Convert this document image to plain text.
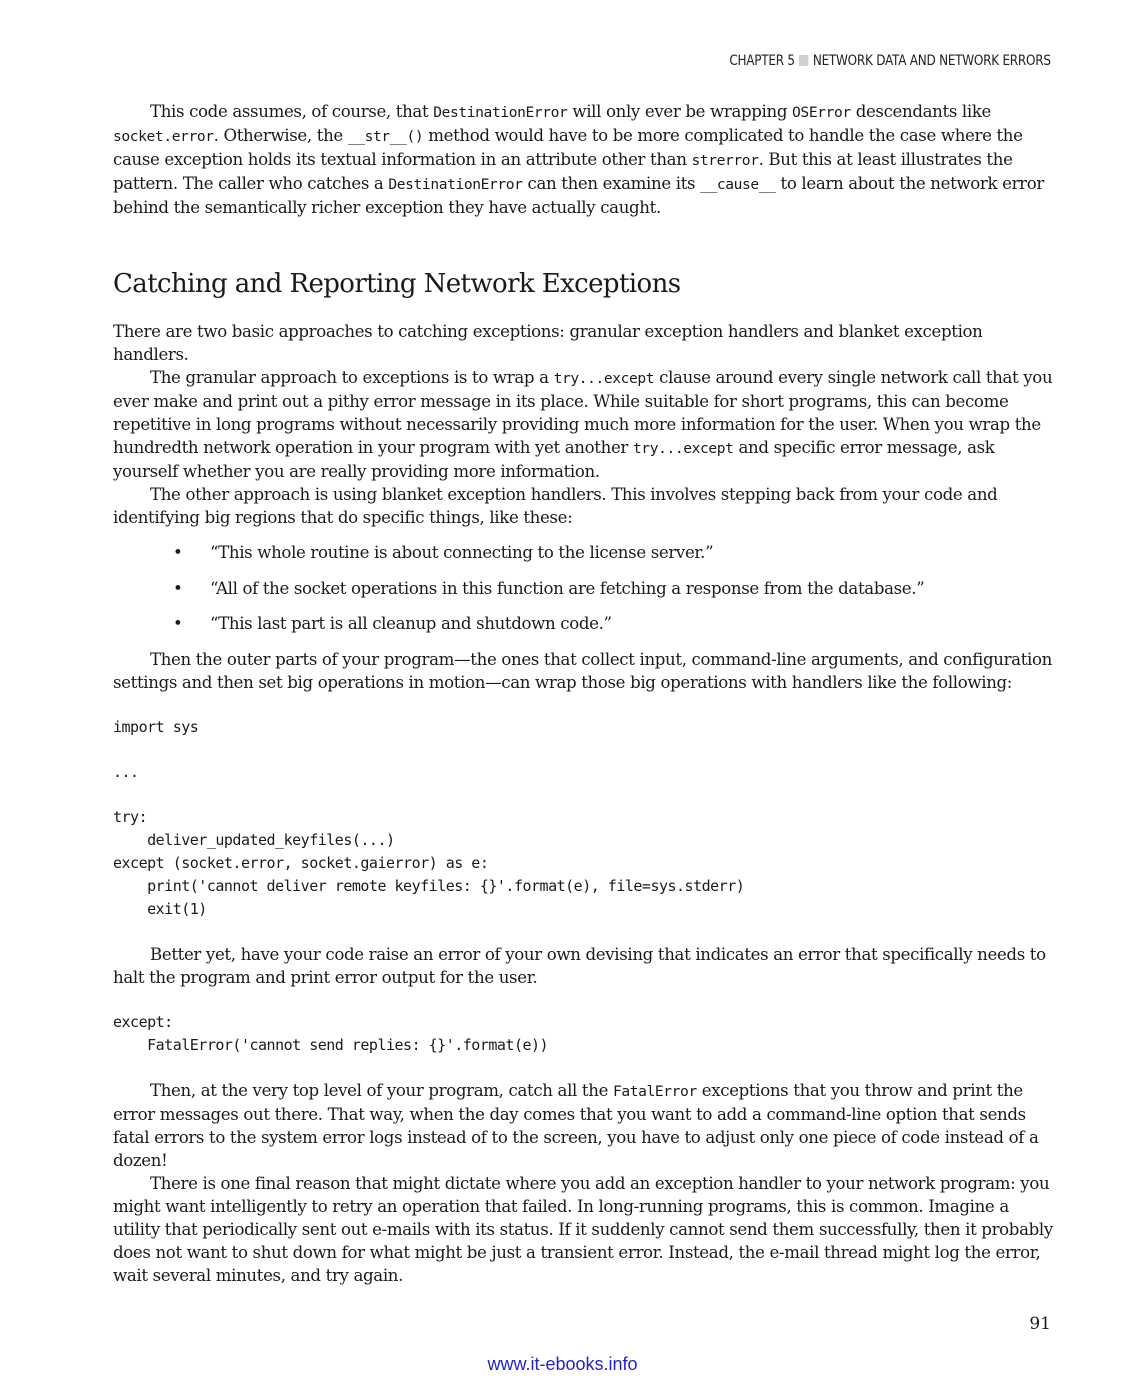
CHAPTER 5 NETWORK DATA AND NETWORK ERRORS

This code assumes, of course, that DestinationError will only ever be wrapping OSError descendants like socket.error. Otherwise, the __str__() method would have to be more complicated to handle the case where the cause exception holds its textual information in an attribute other than strerror. But this at least illustrates the pattern. The caller who catches a DestinationError can then examine its __cause__ to learn about the network error behind the semantically richer exception they have actually caught.

Catching and Reporting Network Exceptions

There are two basic approaches to catching exceptions: granular exception handlers and blanket exception handlers.

The granular approach to exceptions is to wrap a try...except clause around every single network call that you ever make and print out a pithy error message in its place. While suitable for short programs, this can become repetitive in long programs without necessarily providing much more information for the user. When you wrap the hundredth network operation in your program with yet another try...except and specific error message, ask yourself whether you are really providing more information.

The other approach is using blanket exception handlers. This involves stepping back from your code and identifying big regions that do specific things, like these:

• “This whole routine is about connecting to the license server.”
• “All of the socket operations in this function are fetching a response from the database.”
• “This last part is all cleanup and shutdown code.”

Then the outer parts of your program—the ones that collect input, command-line arguments, and configuration settings and then set big operations in motion—can wrap those big operations with handlers like the following:

import sys
...
try:
deliver_updated_keyfiles(...)
except (socket.error, socket.gaierror) as e:
print('cannot deliver remote keyfiles: {}'.format(e), file=sys.stderr)
exit(1)

Better yet, have your code raise an error of your own devising that indicates an error that specifically needs to halt the program and print error output for the user.

except:
FatalError('cannot send replies: {}'.format(e))

Then, at the very top level of your program, catch all the FatalError exceptions that you throw and print the error messages out there. That way, when the day comes that you want to add a command-line option that sends fatal errors to the system error logs instead of to the screen, you have to adjust only one piece of code instead of a dozen!

There is one final reason that might dictate where you add an exception handler to your network program: you might want intelligently to retry an operation that failed. In long-running programs, this is common. Imagine a utility that periodically sent out e-mails with its status. If it suddenly cannot send them successfully, then it probably does not want to shut down for what might be just a transient error. Instead, the e-mail thread might log the error, wait several minutes, and try again.

91
www.it-ebooks.info
